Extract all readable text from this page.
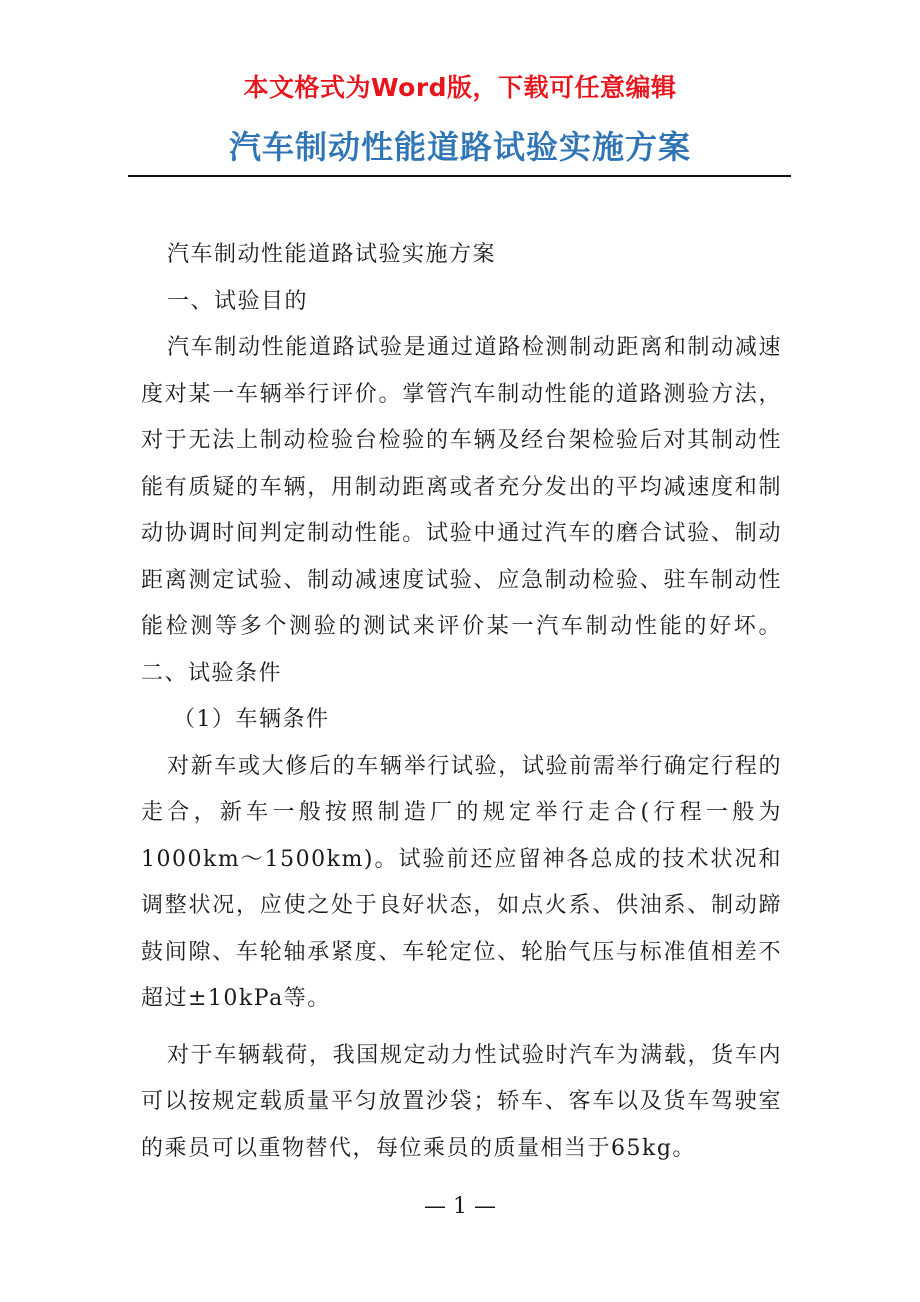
本文格式为Word版，下载可任意编辑
汽车制动性能道路试验实施方案

汽车制动性能道路试验实施方案

一、试验目的

汽车制动性能道路试验是通过道路检测制动距离和制动减速度对某一车辆举行评价。掌管汽车制动性能的道路测验方法，对于无法上制动检验台检验的车辆及经台架检验后对其制动性能有质疑的车辆，用制动距离或者充分发出的平均减速度和制动协调时间判定制动性能。试验中通过汽车的磨合试验、制动距离测定试验、制动减速度试验、应急制动检验、驻车制动性能检测等多个测验的测试来评价某一汽车制动性能的好坏。 二、试验条件

（1）车辆条件

对新车或大修后的车辆举行试验，试验前需举行确定行程的走合，新车一般按照制造厂的规定举行走合(行程一般为1000km～1500km)。试验前还应留神各总成的技术状况和调整状况，应使之处于良好状态，如点火系、供油系、制动蹄鼓间隙、车轮轴承紧度、车轮定位、轮胎气压与标准值相差不超过±10kPa等。

对于车辆载荷，我国规定动力性试验时汽车为满载，货车内可以按规定载质量平匀放置沙袋；轿车、客车以及货车驾驶室的乘员可以重物替代，每位乘员的质量相当于65kg。

— 1 —
